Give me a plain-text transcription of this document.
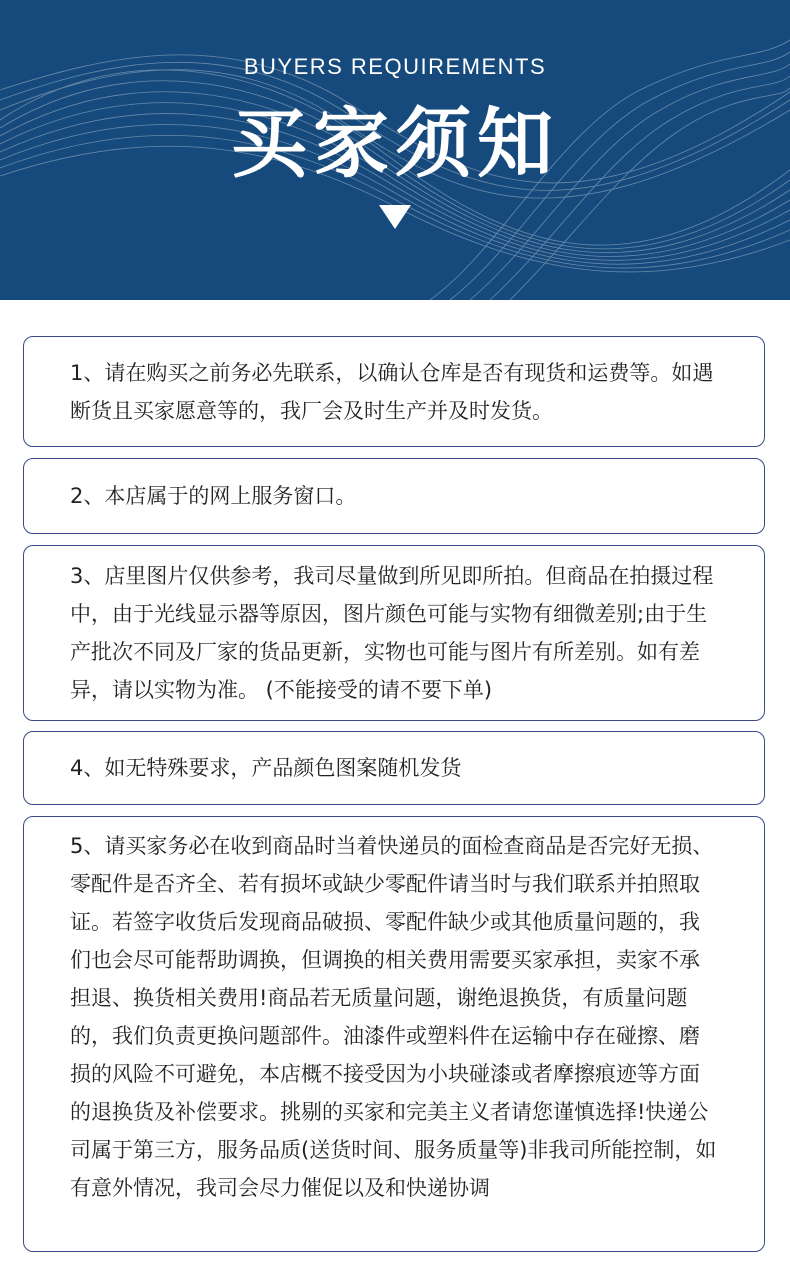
BUYERS REQUIREMENTS
买家须知

1、请在购买之前务必先联系，以确认仓库是否有现货和运费等。如遇断货且买家愿意等的，我厂会及时生产并及时发货。

2、本店属于的网上服务窗口。

3、店里图片仅供参考，我司尽量做到所见即所拍。但商品在拍摄过程中，由于光线显示器等原因，图片颜色可能与实物有细微差别;由于生产批次不同及厂家的货品更新，实物也可能与图片有所差别。如有差异，请以实物为准。 (不能接受的请不要下单)

4、如无特殊要求，产品颜色图案随机发货

5、请买家务必在收到商品时当着快递员的面检查商品是否完好无损、零配件是否齐全、若有损坏或缺少零配件请当时与我们联系并拍照取证。若签字收货后发现商品破损、零配件缺少或其他质量问题的，我们也会尽可能帮助调换，但调换的相关费用需要买家承担，卖家不承担退、换货相关费用!商品若无质量问题，谢绝退换货，有质量问题的，我们负责更换问题部件。油漆件或塑料件在运输中存在碰擦、磨损的风险不可避免，本店概不接受因为小块碰漆或者摩擦痕迹等方面的退换货及补偿要求。挑剔的买家和完美主义者请您谨慎选择!快递公司属于第三方，服务品质(送货时间、服务质量等)非我司所能控制，如有意外情况，我司会尽力催促以及和快递协调
